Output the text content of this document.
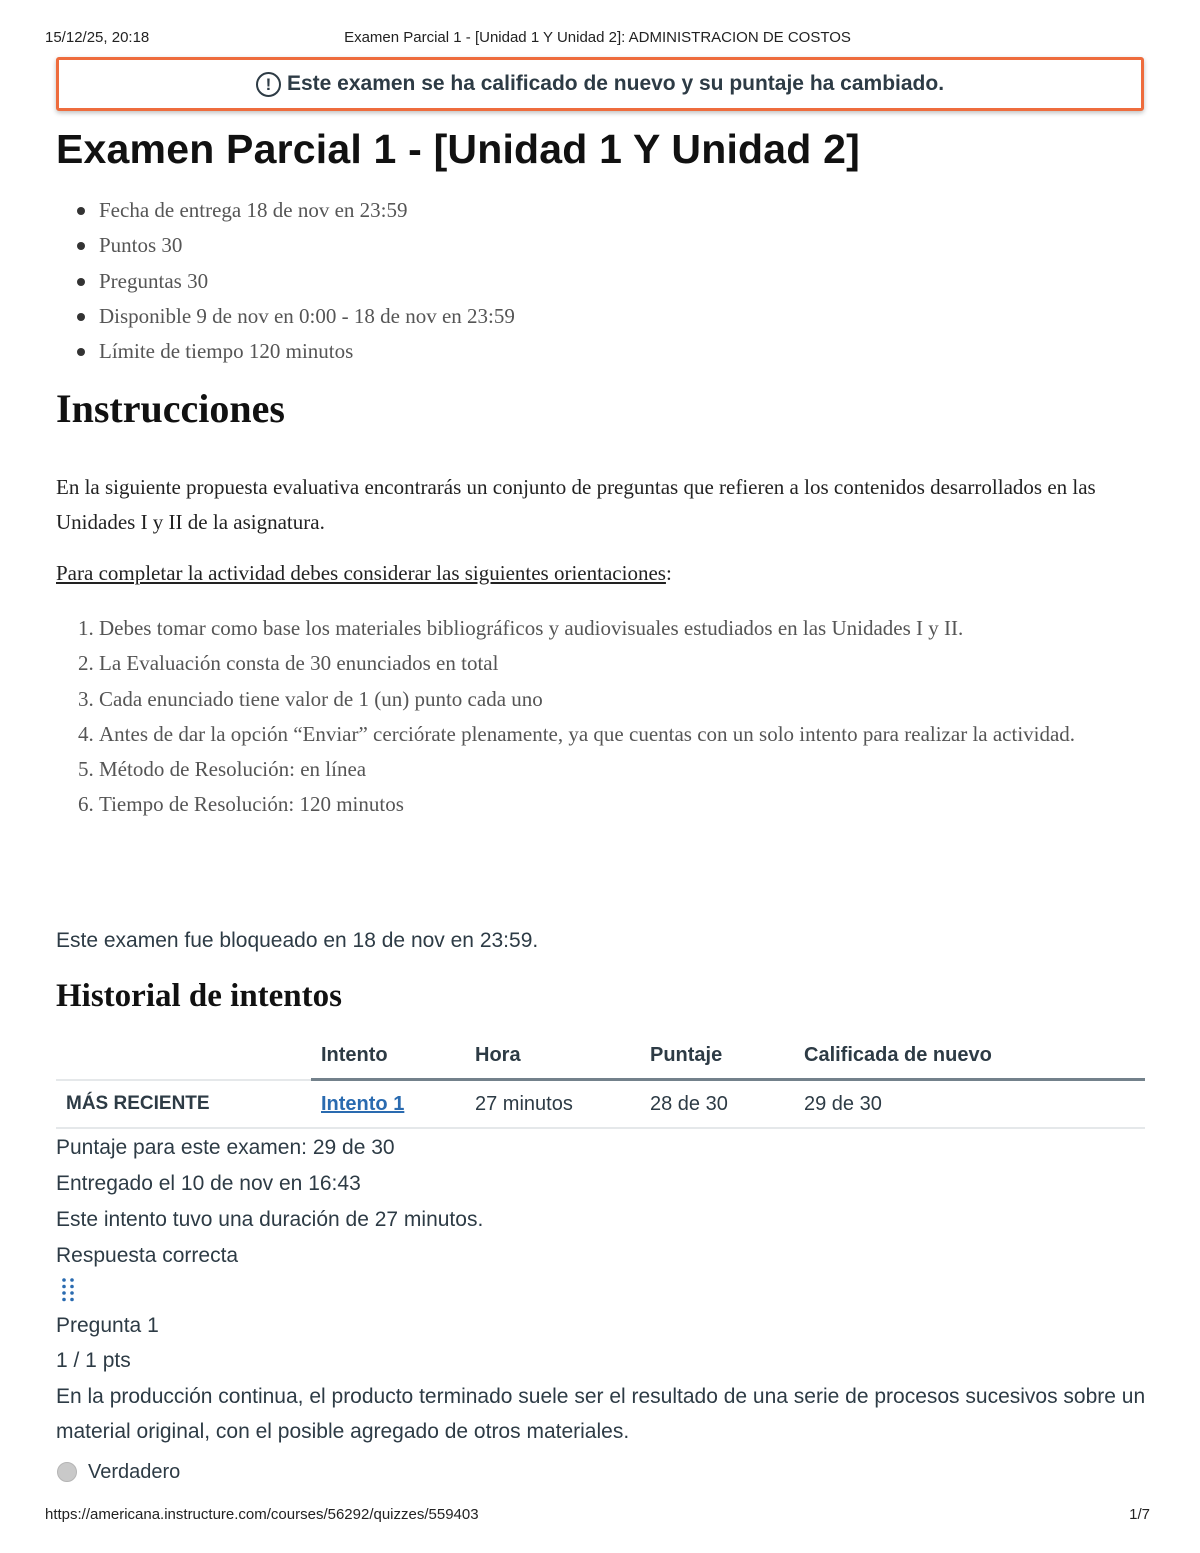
15/12/25, 20:18	Examen Parcial 1 - [Unidad 1 Y Unidad 2]: ADMINISTRACION DE COSTOS
! Este examen se ha calificado de nuevo y su puntaje ha cambiado.
Examen Parcial 1 - [Unidad 1 Y Unidad 2]
Fecha de entrega 18 de nov en 23:59
Puntos 30
Preguntas 30
Disponible 9 de nov en 0:00 - 18 de nov en 23:59
Límite de tiempo 120 minutos
Instrucciones

En la siguiente propuesta evaluativa encontrarás un conjunto de preguntas que refieren a los contenidos desarrollados en las Unidades I y II de la asignatura.

Para completar la actividad debes considerar las siguientes orientaciones:

1. Debes tomar como base los materiales bibliográficos y audiovisuales estudiados en las Unidades I y II.
2. La Evaluación consta de 30 enunciados en total
3. Cada enunciado tiene valor de 1 (un) punto cada uno
4. Antes de dar la opción “Enviar” cerciórate plenamente, ya que cuentas con un solo intento para realizar la actividad.
5. Método de Resolución: en línea
6. Tiempo de Resolución: 120 minutos

Este examen fue bloqueado en 18 de nov en 23:59.

Historial de intentos
	Intento	Hora	Puntaje	Calificada de nuevo
MÁS RECIENTE	Intento 1	27 minutos	28 de 30	29 de 30
Puntaje para este examen: 29 de 30
Entregado el 10 de nov en 16:43
Este intento tuvo una duración de 27 minutos.
Respuesta correcta
Pregunta 1
1 / 1 pts
En la producción continua, el producto terminado suele ser el resultado de una serie de procesos sucesivos sobre un material original, con el posible agregado de otros materiales.
Verdadero
https://americana.instructure.com/courses/56292/quizzes/559403	1/7
